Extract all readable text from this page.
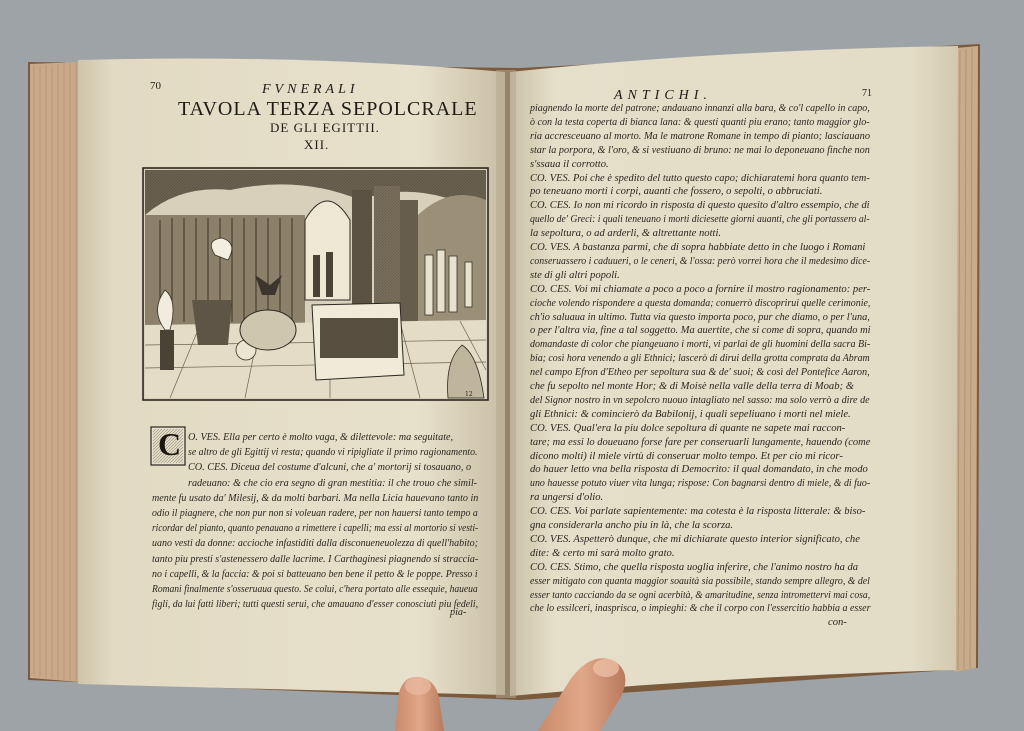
12
70	FVNERALI
TAVOLA TERZA SEPOLCRALE
DE GLI EGITTII.
XII.
C O. VES. Ella per certo è molto vaga, & dilettevole: ma seguitate,
se altro de gli Egittij vi resta; quando vi ripigliate il primo ragionamento.
CO. CES. Diceua del costume d'alcuni, che a' mortorij si tosauano, o
radeuano: & che cio era segno di gran mestitia: il che trouo che simil-
mente fu usato da' Milesij, & da molti barbari. Ma nella Licia hauevano tanto in
odio il piagnere, che non pur non si voleuan radere, per non hauersi tanto tempo a
ricordar del pianto, quanto penauano a rimettere i capelli; ma essi al mortorio si vesti-
uano vesti da donne: accioche infastiditi dalla disconueneuolezza di quell'habito;
tanto piu presti s'astenessero dalle lacrime. I Carthaginesi piagnendo si straccia-
no i capelli, & la faccia: & poi si batteuano ben bene il petto & le poppe. Presso i
Romani finalmente s'osseruaua questo. Se colui, c'hera portato alle essequie, haueua
figli, da lui fatti liberi; tutti questi serui, che amauano d'esser conosciuti piu fedeli,
pia-
ANTICHI.	71
piagnendo la morte del patrone; andauano innanzi alla bara, & co'l capello in capo,
ò con la testa coperta di bianca lana: & questi quanti piu erano; tanto maggior glo-
ria accresceuano al morto. Ma le matrone Romane in tempo di pianto; lasciauano
star la porpora, & l'oro, & si vestiuano di bruno: ne mai lo deponeuano finche non
s'ssaua il corrotto.
CO. VES. Poi che è spedito del tutto questo capo; dichiaratemi hora quanto tem-
po teneuano morti i corpi, auanti che fossero, o sepolti, o abbruciati.
CO. CES. Io non mi ricordo in risposta di questo quesito d'altro essempio, che di
quello de' Greci: i quali teneuano i morti diciesette giorni auanti, che gli portassero al-
la sepoltura, o ad arderli, & altrettante notti.
CO. VES. A bastanza parmi, che di sopra habbiate detto in che luogo i Romani
conseruassero i caduueri, o le ceneri, & l'ossa: però vorrei hora che il medesimo dice-
ste di gli altri popoli.
CO. CES. Voi mi chiamate a poco a poco a fornire il mostro ragionamento: per-
cioche volendo rispondere a questa domanda; conuerrò discoprirui quelle cerimonie,
ch'io saluaua in ultimo. Tutta via questo importa poco, pur che diamo, o per l'una,
o per l'altra via, fine a tal soggetto. Ma auertite, che si come di sopra, quando mi
domandaste di color che piangeuano i morti, vi parlai de gli huomini della sacra Bi-
bia; così hora venendo a gli Ethnici; lascerò di dirui della grotta comprata da Abram
nel campo Efron d'Etheo per sepoltura sua & de' suoi; & così del Pontefice Aaron,
che fu sepolto nel monte Hor; & di Moisè nella valle della terra di Moab; &
del Signor nostro in vn sepolcro nuouo intagliato nel sasso: ma solo verrò a dire de
gli Ethnici: & comincierò da Babilonij, i quali sepeliuano i morti nel miele.
CO. VES. Qual'era la piu dolce sepoltura di quante ne sapete mai raccon-
tare; ma essi lo doueuano forse fare per conseruarli lungamente, hauendo (come
dicono molti) il miele virtù di conseruar molto tempo. Et per cio mi ricor-
do hauer letto vna bella risposta di Democrito: il qual domandato, in che modo
uno hauesse potuto viuer vita lunga; rispose: Con bagnarsi dentro di miele, & di fuo-
ra ungersi d'olio.
CO. CES. Voi parlate sapientemente: ma cotesta è la risposta litterale: & biso-
gna considerarla ancho piu in là, che la scorza.
CO. VES. Aspetterò dunque, che mi dichiarate questo interior significato, che
dite: & certo mi sarà molto grato.
CO. CES. Stimo, che quella risposta uoglia inferire, che l'animo nostro ha da
esser mitigato con quanta maggior soauità sia possibile, stando sempre allegro, & del
esser tanto cacciando da se ogni acerbità, & amaritudine, senza intromettervi mai cosa,
che lo essilceri, inasprisca, o impieghi: & che il corpo con l'essercitio habbia a esser
con-
